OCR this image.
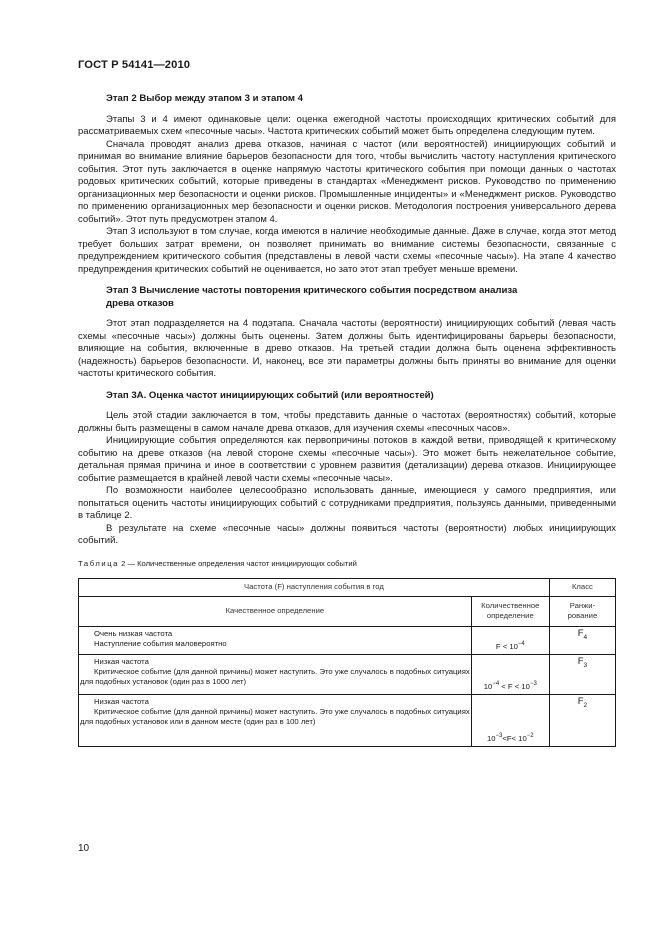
ГОСТ Р 54141—2010
Этап 2 Выбор между этапом 3 и этапом 4

Этапы 3 и 4 имеют одинаковые цели: оценка ежегодной частоты происходящих критических событий для рассматриваемых схем «песочные часы». Частота критических событий может быть определена следующим путем.

Сначала проводят анализ древа отказов, начиная с частот (или вероятностей) инициирующих событий и принимая во внимание влияние барьеров безопасности для того, чтобы вычислить частоту наступления критического события. Этот путь заключается в оценке напрямую частоты критического события при помощи данных о частотах родовых критических событий, которые приведены в стандартах «Менеджмент рисков. Руководство по применению организационных мер безопасности и оценки рисков. Промышленные инциденты» и «Менеджмент рисков. Руководство по применению организационных мер безопасности и оценки рисков. Методология построения универсального дерева событий». Этот путь предусмотрен этапом 4.

Этап 3 используют в том случае, когда имеются в наличие необходимые данные. Даже в случае, когда этот метод требует больших затрат времени, он позволяет принимать во внимание системы безопасности, связанные с предупреждением критического события (представлены в левой части схемы «песочные часы»). На этапе 4 качество предупреждения критических событий не оценивается, но зато этот этап требует меньше времени.

Этап 3 Вычисление частоты повторения критического события посредством анализа
древа отказов

Этот этап подразделяется на 4 подэтапа. Сначала частоты (вероятности) инициирующих событий (левая часть схемы «песочные часы») должны быть оценены. Затем должны быть идентифицированы барьеры безопасности, влияющие на события, включенные в древо отказов. На третьей стадии должна быть оценена эффективность (надежность) барьеров безопасности. И, наконец, все эти параметры должны быть приняты во внимание для оценки частоты критического события.

Этап 3А. Оценка частот инициирующих событий (или вероятностей)

Цель этой стадии заключается в том, чтобы представить данные о частотах (вероятностях) событий, которые должны быть размещены в самом начале древа отказов, для изучения схемы «песочных часов».

Инициирующие события определяются как первопричины потоков в каждой ветви, приводящей к критическому событию на древе отказов (на левой стороне схемы «песочные часы»). Это может быть нежелательное событие, детальная прямая причина и иное в соответствии с уровнем развития (детализации) дерева отказов. Инициирующее событие размещается в крайней левой части схемы «песочные часы».

По возможности наиболее целесообразно использовать данные, имеющиеся у самого предприятия, или попытаться оценить частоты инициирующих событий с сотрудниками предприятия, пользуясь данными, приведенными в таблице 2.

В результате на схеме «песочные часы» должны появиться частоты (вероятности) любых инициирующих событий.

Таблица 2 — Количественные определения частот инициирующих событий
Частота (F) наступления события в год		Класс
Качественное определение	Количественное
определение	Ранжи-
рование

Очень низкая частота
Наступление события маловероятно	$F < 10^{-4}$	$F_4$

Низкая частота
Критическое событие (для данной причины) может наступить. Это уже случалось в подобных ситуациях для подобных установок (один раз в 1000 лет)	$10^{-4} < F < 10^{-3}$	$F_3$

Низкая частота
Критическое событие (для данной причины) может наступить. Это уже случалось в подобных ситуациях для подобных установок или в данном месте (один раз в 100 лет)	$10^{-3}<F< 10^{-2}$	$F_2$
10
